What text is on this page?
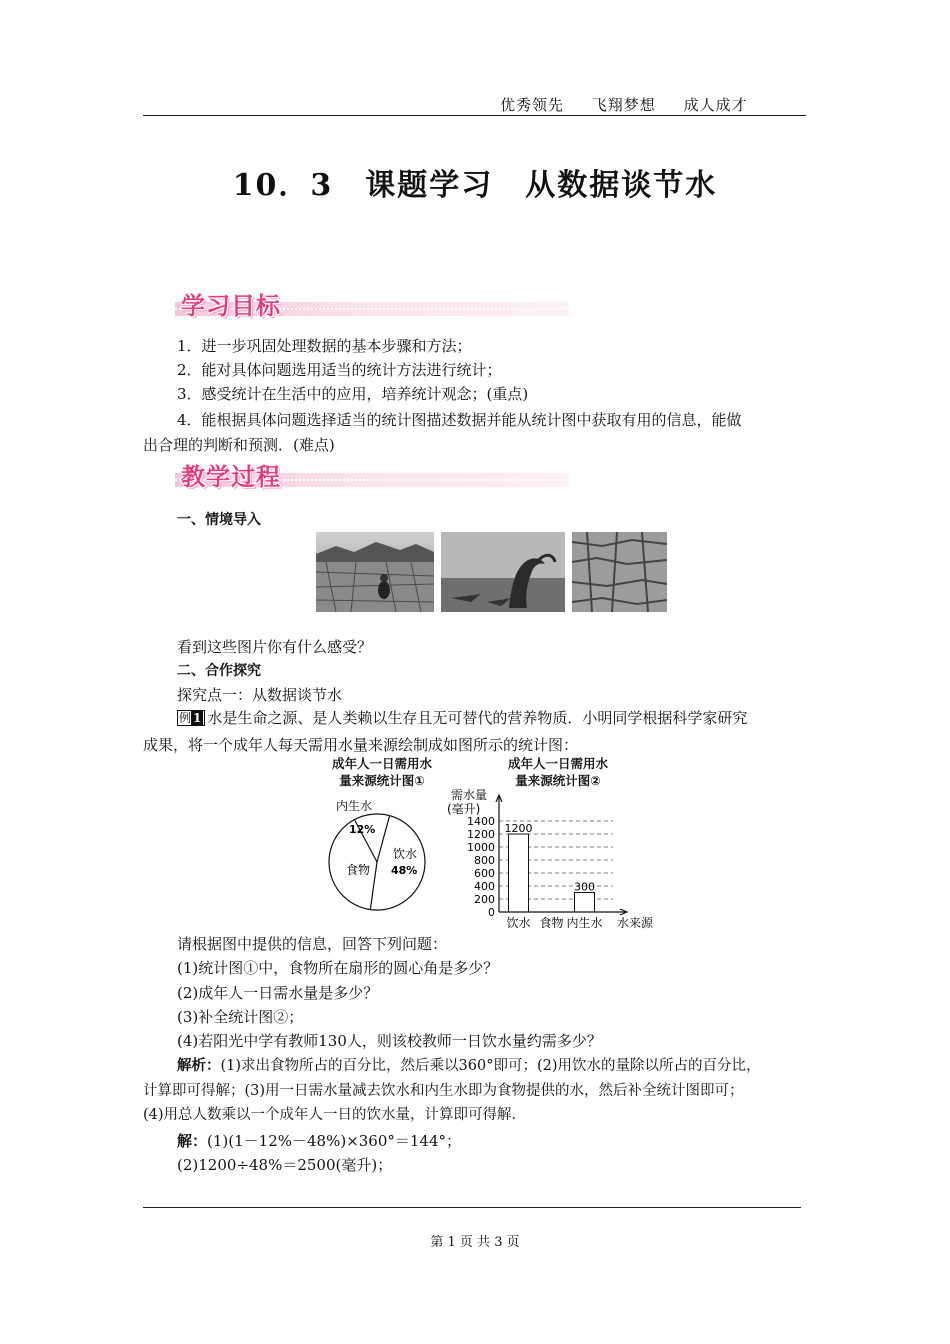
优秀领先 飞翔梦想 成人成才
10．3　课题学习　从数据谈节水
学习目标
1．进一步巩固处理数据的基本步骤和方法；
2．能对具体问题选用适当的统计方法进行统计；
3．感受统计在生活中的应用，培养统计观念；(重点)
4．能根据具体问题选择适当的统计图描述数据并能从统计图中获取有用的信息，能做
出合理的判断和预测．(难点)
教学过程
一、情境导入
看到这些图片你有什么感受？
二、合作探究
探究点一：从数据谈节水
例 1 水是生命之源、是人类赖以生存且无可替代的营养物质．小明同学根据科学家研究
成果，将一个成年人每天需用水量来源绘制成如图所示的统计图：
成年人一日需用水
量来源统计图①
内生水
12%
饮水
48%
食物
成年人一日需用水
量来源统计图②
需水量
(毫升)
0
200
400
600
800
1000
1200
1400
1200
300
饮水 食物 内生水 水来源
请根据图中提供的信息，回答下列问题：
(1)统计图①中，食物所在扇形的圆心角是多少？
(2)成年人一日需水量是多少？
(3)补全统计图②；
(4)若阳光中学有教师130人，则该校教师一日饮水量约需多少？
解析：(1)求出食物所占的百分比，然后乘以360°即可；(2)用饮水的量除以所占的百分比，
计算即可得解；(3)用一日需水量减去饮水和内生水即为食物提供的水，然后补全统计图即可；
(4)用总人数乘以一个成年人一日的饮水量，计算即可得解．
解：(1)(1－12%－48%)×360°＝144°；
(2)1200÷48%＝2500(毫升)；
第 1 页 共 3 页
